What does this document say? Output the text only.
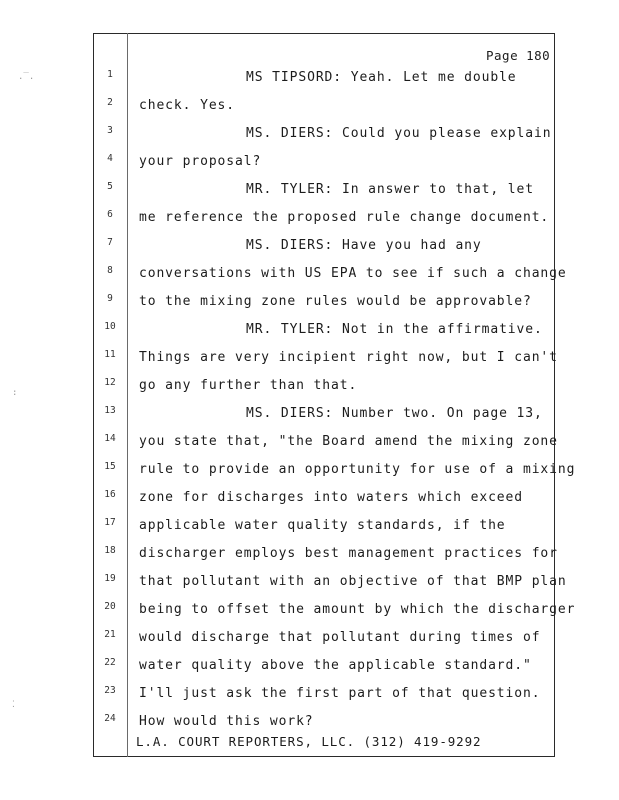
.‾.
:
⁚
Page 180
1	MS TIPSORD: Yeah. Let me double
2	check. Yes.
3	MS. DIERS: Could you please explain
4	your proposal?
5	MR. TYLER: In answer to that, let
6	me reference the proposed rule change document.
7	MS. DIERS: Have you had any
8	conversations with US EPA to see if such a change
9	to the mixing zone rules would be approvable?
10	MR. TYLER: Not in the affirmative.
11	Things are very incipient right now, but I can't
12	go any further than that.
13	MS. DIERS: Number two. On page 13,
14	you state that, "the Board amend the mixing zone
15	rule to provide an opportunity for use of a mixing
16	zone for discharges into waters which exceed
17	applicable water quality standards, if the
18	discharger employs best management practices for
19	that pollutant with an objective of that BMP plan
20	being to offset the amount by which the discharger
21	would discharge that pollutant during times of
22	water quality above the applicable standard."
23	I'll just ask the first part of that question.
24	How would this work?
L.A. COURT REPORTERS, LLC. (312) 419-9292
